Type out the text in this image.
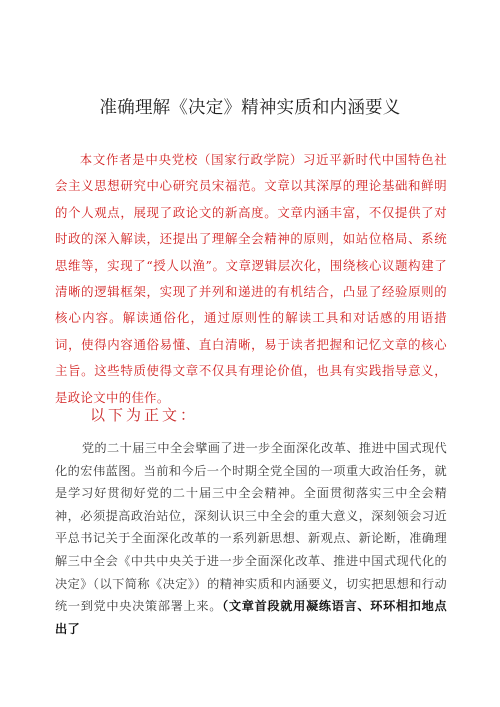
准确理解《决定》精神实质和内涵要义

本文作者是中央党校（国家行政学院）习近平新时代中国特色社会主义思想研究中心研究员宋福范。文章以其深厚的理论基础和鲜明的个人观点，展现了政论文的新高度。文章内涵丰富，不仅提供了对时政的深入解读，还提出了理解全会精神的原则，如站位格局、系统思维等，实现了“授人以渔”。文章逻辑层次化，围绕核心议题构建了清晰的逻辑框架，实现了并列和递进的有机结合，凸显了经验原则的核心内容。解读通俗化，通过原则性的解读工具和对话感的用语措词，使得内容通俗易懂、直白清晰，易于读者把握和记忆文章的核心主旨。这些特质使得文章不仅具有理论价值，也具有实践指导意义，是政论文中的佳作。

以下为正文：

党的二十届三中全会擘画了进一步全面深化改革、推进中国式现代化的宏伟蓝图。当前和今后一个时期全党全国的一项重大政治任务，就是学习好贯彻好党的二十届三中全会精神。全面贯彻落实三中全会精神，必须提高政治站位，深刻认识三中全会的重大意义，深刻领会习近平总书记关于全面深化改革的一系列新思想、新观点、新论断，准确理解三中全会《中共中央关于进一步全面深化改革、推进中国式现代化的决定》（以下简称《决定》）的精神实质和内涵要义，切实把思想和行动统一到党中央决策部署上来。（文章首段就用凝练语言、环环相扣地点出了
